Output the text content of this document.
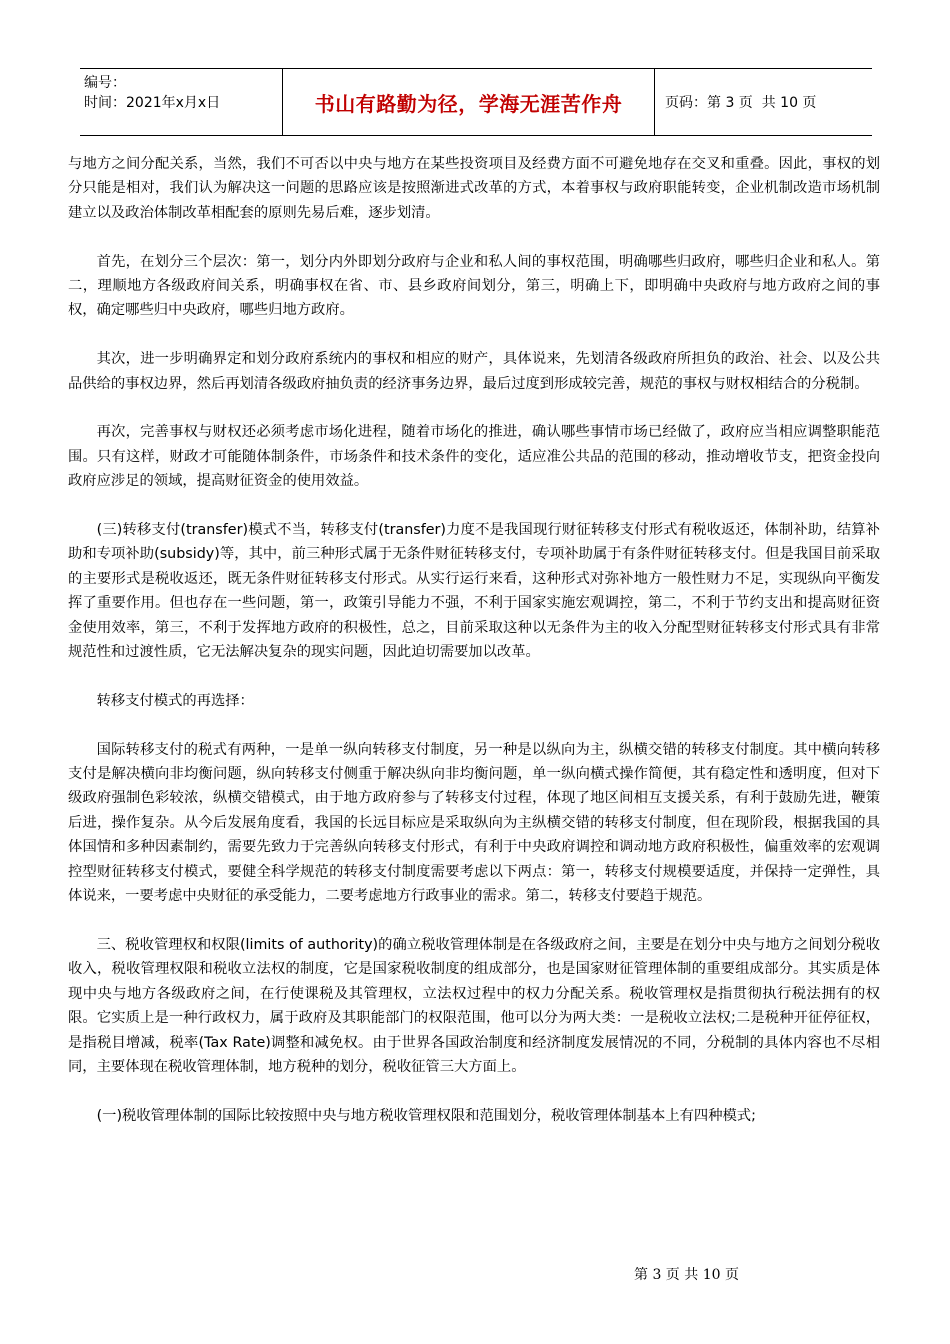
编号：
时间：2021年x月x日	书山有路勤为径，学海无涯苦作舟	页码：第 3 页  共 10 页

与地方之间分配关系，当然，我们不可否以中央与地方在某些投资项目及经费方面不可避免地存在交叉和重叠。因此，事权的划分只能是相对，我们认为解决这一问题的思路应该是按照渐进式改革的方式，本着事权与政府职能转变，企业机制改造市场机制建立以及政治体制改革相配套的原则先易后难，逐步划清。

首先，在划分三个层次：第一，划分内外即划分政府与企业和私人间的事权范围，明确哪些归政府，哪些归企业和私人。第二，理顺地方各级政府间关系，明确事权在省、市、县乡政府间划分，第三，明确上下，即明确中央政府与地方政府之间的事权，确定哪些归中央政府，哪些归地方政府。

其次，进一步明确界定和划分政府系统内的事权和相应的财产，具体说来，先划清各级政府所担负的政治、社会、以及公共品供给的事权边界，然后再划清各级政府抽负责的经济事务边界，最后过度到形成较完善，规范的事权与财权相结合的分税制。

再次，完善事权与财权还必须考虑市场化进程，随着市场化的推进，确认哪些事情市场已经做了，政府应当相应调整职能范围。只有这样，财政才可能随体制条件，市场条件和技术条件的变化，适应准公共品的范围的移动，推动增收节支，把资金投向政府应涉足的领域，提高财征资金的使用效益。

(三)转移支付(transfer)模式不当，转移支付(transfer)力度不是我国现行财征转移支付形式有税收返还，体制补助，结算补助和专项补助(subsidy)等，其中，前三种形式属于无条件财征转移支付，专项补助属于有条件财征转移支付。但是我国目前采取的主要形式是税收返还，既无条件财征转移支付形式。从实行运行来看，这种形式对弥补地方一般性财力不足，实现纵向平衡发挥了重要作用。但也存在一些问题，第一，政策引导能力不强，不利于国家实施宏观调控，第二，不利于节约支出和提高财征资金使用效率，第三，不利于发挥地方政府的积极性，总之，目前采取这种以无条件为主的收入分配型财征转移支付形式具有非常规范性和过渡性质，它无法解决复杂的现实问题，因此迫切需要加以改革。

转移支付模式的再选择：

国际转移支付的税式有两种，一是单一纵向转移支付制度，另一种是以纵向为主，纵横交错的转移支付制度。其中横向转移支付是解决横向非均衡问题，纵向转移支付侧重于解决纵向非均衡问题，单一纵向横式操作简便，其有稳定性和透明度，但对下级政府强制色彩较浓，纵横交错模式，由于地方政府参与了转移支付过程，体现了地区间相互支援关系，有利于鼓励先进，鞭策后进，操作复杂。从今后发展角度看，我国的长远目标应是采取纵向为主纵横交错的转移支付制度，但在现阶段，根据我国的具体国情和多种因素制约，需要先致力于完善纵向转移支付形式，有利于中央政府调控和调动地方政府积极性，偏重效率的宏观调控型财征转移支付模式，要健全科学规范的转移支付制度需要考虑以下两点：第一，转移支付规模要适度，并保持一定弹性，具体说来，一要考虑中央财征的承受能力，二要考虑地方行政事业的需求。第二，转移支付要趋于规范。

三、税收管理权和权限(limits of authority)的确立税收管理体制是在各级政府之间，主要是在划分中央与地方之间划分税收收入，税收管理权限和税收立法权的制度，它是国家税收制度的组成部分，也是国家财征管理体制的重要组成部分。其实质是体现中央与地方各级政府之间，在行使课税及其管理权，立法权过程中的权力分配关系。税收管理权是指贯彻执行税法拥有的权限。它实质上是一种行政权力，属于政府及其职能部门的权限范围，他可以分为两大类：一是税收立法权;二是税种开征停征权，是指税目增减，税率(Tax Rate)调整和减免权。由于世界各国政治制度和经济制度发展情况的不同，分税制的具体内容也不尽相同，主要体现在税收管理体制，地方税种的划分，税收征管三大方面上。

(一)税收管理体制的国际比较按照中央与地方税收管理权限和范围划分，税收管理体制基本上有四种模式;

第 3 页 共 10 页
